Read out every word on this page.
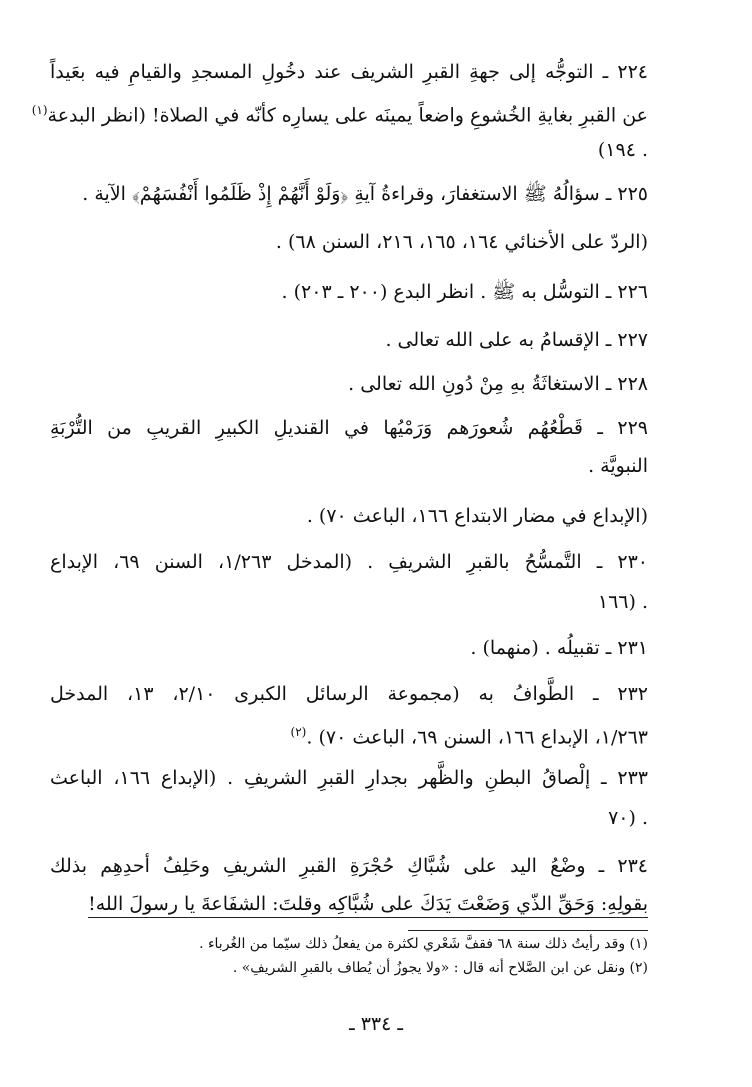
٢٢٤ ـ التوجُّه إلى جهةِ القبرِ الشريف عند دخُولِ المسجدِ والقيامِ فيه بعَيداً
عن القبرِ بغايةِ الخُشوعِ واضعاً يمينَه على يسارِه كأنّه في الصلاة! (انظر البدعة$^{(١)}$
. ١٩٤)
٢٢٥ ـ سؤالُهُ ﷺ الاستغفارَ، وقراءةُ آيةِ ﴿وَلَوْ أَنَّهُمْ إِذْ ظَلَمُوا أَنْفُسَهُمْ﴾ الآية .
(الردّ على الأخنائي ١٦٤، ١٦٥، ٢١٦، السنن ٦٨) .
٢٢٦ ـ التوسُّل به ﷺ . انظر البدع (٢٠٠ ـ ٢٠٣) .
٢٢٧ ـ الإقسامُ به على الله تعالى .
٢٢٨ ـ الاستغاثَةُ بهِ مِنْ دُونِ الله تعالى .
٢٢٩ ـ قَطْعُهُم شُعورَهم وَرَمْيُها في القنديلِ الكبيرِ القريبِ من التُّرْبَةِ
النبويَّة .
(الإبداع في مضار الابتداع ١٦٦، الباعث ٧٠) .
٢٣٠ ـ التَّمسُّحُ بالقبرِ الشريفِ . (المدخل ١/٢٦٣، السنن ٦٩، الإبداع
. (١٦٦
٢٣١ ـ تقبيلُه . (منهما) .
٢٣٢ ـ الطَّوافُ به (مجموعة الرسائل الكبرى ٢/١٠، ١٣، المدخل
١/٢٦٣، الإبداع ١٦٦، السنن ٦٩، الباعث ٧٠) .$^{(٢)}$
٢٣٣ ـ إلْصاقُ البطنِ والظَّهر بجدارِ القبرِ الشريفِ . (الإبداع ١٦٦، الباعث
. (٧٠
٢٣٤ ـ وضْعُ اليد على شُبَّاكِ حُجْرَةِ القبرِ الشريفِ وحَلِفُ أحدِهِم بذلك
بقولِهِ: وَحَقِّ الذّي وَضَعْتَ يَدَكَ على شُبَّاكِه وقلتَ: الشفَاعةَ يا رسولَ الله!
(١) وقد رأيتُ ذلك سنة ٦٨ فقفَّ شَعْري لكثرة من يفعلُ ذلك سيّما من الغُرباء .
(٢) ونقل عن ابن الصَّلاح أنه قال : «ولا يجوزُ أن يُطاف بالقبرِ الشريفِ» .
ـ ٣٣٤ ـ
